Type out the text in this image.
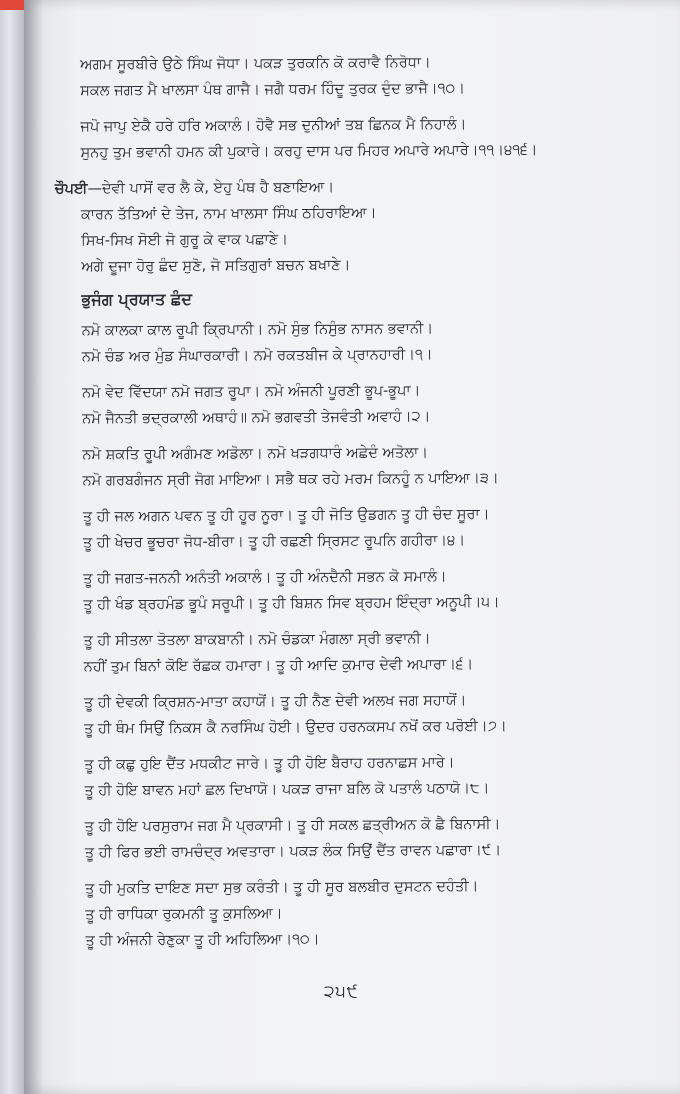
ਅਗਮ ਸੂਰਬੀਰੇ ਉਠੇ ਸਿੰਘ ਜੋਧਾ। ਪਕੜ ਤੁਰਕਨਿ ਕੋ ਕਰਾਵੈ ਨਿਰੋਧਾ।
ਸਕਲ ਜਗਤ ਮੈ ਖਾਲਸਾ ਪੰਥ ਗਾਜੈ। ਜਗੈ ਧਰਮ ਹਿੰਦੂ ਤੁਰਕ ਦੁੰਦ ਭਾਜੈ।੧੦।
ਜਪੋ ਜਾਪੁ ਏਕੈ ਹਰੇ ਹਰਿ ਅਕਾਲੰ। ਹੋਵੈ ਸਭ ਦੁਨੀਆਂ ਤਬ ਛਿਨਕ ਮੈ ਨਿਹਾਲੰ।
ਸੁਨਹੁ ਤੁਮ ਭਵਾਨੀ ਹਮਨ ਕੀ ਪੁਕਾਰੇ। ਕਰਹੁ ਦਾਸ ਪਰ ਮਿਹਰ ਅਪਾਰੇ ਅਪਾਰੇ।੧੧।੪੧੬।
ਚੌਪਈ—ਦੇਵੀ ਪਾਸੋਂ ਵਰ ਲੈ ਕੇ, ਏਹੁ ਪੰਥ ਹੈ ਬਣਾਇਆ।
ਕਾਰਨ ਤੱਤਿਆਂ ਦੇ ਤੇਜ, ਨਾਮ ਖਾਲਸਾ ਸਿੰਘ ਠਹਿਰਾਇਆ।
ਸਿਖ-ਸਿਖ ਸੋਈ ਜੋ ਗੁਰੂ ਕੇ ਵਾਕ ਪਛਾਣੇ।
ਅਗੇ ਦੂਜਾ ਹੋਰੁ ਛੰਦ ਸੁਣੋ, ਜੋ ਸਤਿਗੁਰਾਂ ਬਚਨ ਬਖਾਣੇ।
ਭੁਜੰਗ ਪ੍ਰਯਾਤ ਛੰਦ
ਨਮੋ ਕਾਲਕਾ ਕਾਲ ਰੂਪੀ ਕ੍ਰਿਪਾਨੀ। ਨਮੋ ਸੁੰਭ ਨਿਸੁੰਭ ਨਾਸਨ ਭਵਾਨੀ।
ਨਮੋ ਚੰਡ ਅਰ ਮੁੰਡ ਸੰਘਾਰਕਾਰੀ। ਨਮੋ ਰਕਤਬੀਜ ਕੇ ਪ੍ਰਾਨਹਾਰੀ।੧।
ਨਮੋ ਵੇਦ ਵਿੱਦਯਾ ਨਮੋ ਜਗਤ ਰੂਪਾ। ਨਮੋ ਅੰਜਨੀ ਪੂਰਣੀ ਭੂਪ-ਭੂਪਾ।
ਨਮੋ ਜੈਨਤੀ ਭਦ੍ਰਕਾਲੀ ਅਥਾਹੰ॥ ਨਮੋ ਭਗਵਤੀ ਤੇਜਵੰਤੀ ਅਵਾਹੰ।੨।
ਨਮੋ ਸ਼ਕਤਿ ਰੂਪੀ ਅਗੰਮਣ ਅਡੋਲਾ। ਨਮੋ ਖੜਗਧਾਰੰ ਅਛੇਦੰ ਅਤੋਲਾ।
ਨਮੋ ਗਰਬਗੰਜਨ ਸ੍ਰੀ ਜੋਗ ਮਾਇਆ। ਸਭੈ ਥਕ ਰਹੇ ਮਰਮ ਕਿਨਹੂੰ ਨ ਪਾਇਆ।੩।
ਤੂ ਹੀ ਜਲ ਅਗਨ ਪਵਨ ਤੂ ਹੀ ਹੂਰ ਨੂਰਾ। ਤੂ ਹੀ ਜੋਤਿ ਉਡਗਨ ਤੂ ਹੀ ਚੰਦ ਸੂਰਾ।
ਤੂ ਹੀ ਖੇਚਰ ਭੂਚਰਾ ਜੋਧ-ਬੀਰਾ। ਤੂ ਹੀ ਰਛਣੀ ਸ੍ਰਿਸਟ ਰੂਪਨਿ ਗਹੀਰਾ।੪।
ਤੂ ਹੀ ਜਗਤ-ਜਨਨੀ ਅਨੰਤੀ ਅਕਾਲੰ। ਤੂ ਹੀ ਅੰਨਦੈਨੀ ਸਭਨ ਕੋ ਸਮਾਲੰ।
ਤੂ ਹੀ ਖੰਡ ਬ੍ਰਹਮੰਡ ਭੂਪੰ ਸਰੂਪੀ। ਤੂ ਹੀ ਬਿਸ਼ਨ ਸਿਵ ਬ੍ਰਹਮ ਇੰਦ੍ਰਾ ਅਨੂਪੀ।੫।
ਤੂ ਹੀ ਸੀਤਲਾ ਤੋਤਲਾ ਬਾਕਬਾਨੀ। ਨਮੋ ਚੰਡਕਾ ਮੰਗਲਾ ਸ੍ਰੀ ਭਵਾਨੀ।
ਨਹੀਂ ਤੁਮ ਬਿਨਾਂ ਕੋਇ ਰੱਛਕ ਹਮਾਰਾ। ਤੂ ਹੀ ਆਦਿ ਕੁਮਾਰ ਦੇਵੀ ਅਪਾਰਾ।੬।
ਤੂ ਹੀ ਦੇਵਕੀ ਕ੍ਰਿਸ਼ਨ-ਮਾਤਾ ਕਹਾਯੋਂ। ਤੂ ਹੀ ਨੈਣ ਦੇਵੀ ਅਲਖ ਜਗ ਸਹਾਯੋਂ।
ਤੂ ਹੀ ਥੰਮ ਸਿਉਂ ਨਿਕਸ ਕੈ ਨਰਸਿੰਘ ਹੋਈ। ਉਦਰ ਹਰਨਕਸਪ ਨਖੋਂ ਕਰ ਪਰੋਈ।੭।
ਤੂ ਹੀ ਕਛੁ ਹੁਇ ਦੈਂਤ ਮਧਕੀਟ ਜਾਰੇ। ਤੂ ਹੀ ਹੋਇ ਬੈਰਾਹ ਹਰਨਾਛਸ ਮਾਰੇ।
ਤੂ ਹੀ ਹੋਇ ਬਾਵਨ ਮਹਾਂ ਛਲ ਦਿਖਾਯੋ। ਪਕੜ ਰਾਜਾ ਬਲਿ ਕੋ ਪਤਾਲੰ ਪਠਾਯੋ।੮।
ਤੂ ਹੀ ਹੋਇ ਪਰਸੁਰਾਮ ਜਗ ਮੈ ਪ੍ਰਕਾਸੀ। ਤੂ ਹੀ ਸਕਲ ਛਤ੍ਰੀਅਨ ਕੋ ਛੈ ਬਿਨਾਸੀ।
ਤੂ ਹੀ ਫਿਰ ਭਈ ਰਾਮਚੰਦ੍ਰ ਅਵਤਾਰਾ। ਪਕੜ ਲੰਕ ਸਿਉਂ ਦੈਂਤ ਰਾਵਨ ਪਛਾਰਾ।੯।
ਤੂ ਹੀ ਮੁਕਤਿ ਦਾਇਣ ਸਦਾ ਸੁਭ ਕਰੰਤੀ। ਤੂ ਹੀ ਸੂਰ ਬਲਬੀਰ ਦੁਸਟਨ ਦਹੰਤੀ।
ਤੂ ਹੀ ਰਾਧਿਕਾ ਰੁਕਮਨੀ ਤੂ ਕੁਸਲਿਆ।
ਤੂ ਹੀ ਅੰਜਨੀ ਰੇਣੁਕਾ ਤੂ ਹੀ ਅਹਿਲਿਆ।੧੦।
੨੫੯
